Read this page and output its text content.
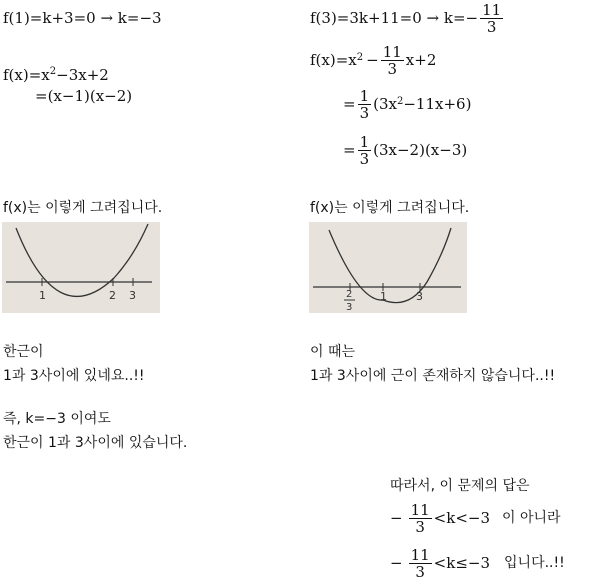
f(1)=k+3=0 → k=−3
$f(x)=x^2-3x+2$
=(x−1)(x−2)
f(x)는 이렇게 그려집니다.
1	2 3
한근이
1과 3사이에 있네요..!!
즉, k=−3 이여도
한근이 1과 3사이에 있습니다.
$f(3)=3k+11=0 \to k=- \frac{11}{3}$
f(x)=x $2 - \frac{11}{3} x+2$
= $\frac{1}{3} (3x$ 2 −11x+6)
= $\frac{1}{3} (3x-2)(x-3)$
f(x)는 이렇게 그려집니다.
2
3
1	3
이 때는
1과 3사이에 근이 존재하지 않습니다..!!
따라서, 이 문제의 답은
− $\frac{11}{3} <k<-3$ 이 아니라
− $\frac{11}{3} <k\le-3$ 입니다..!!
